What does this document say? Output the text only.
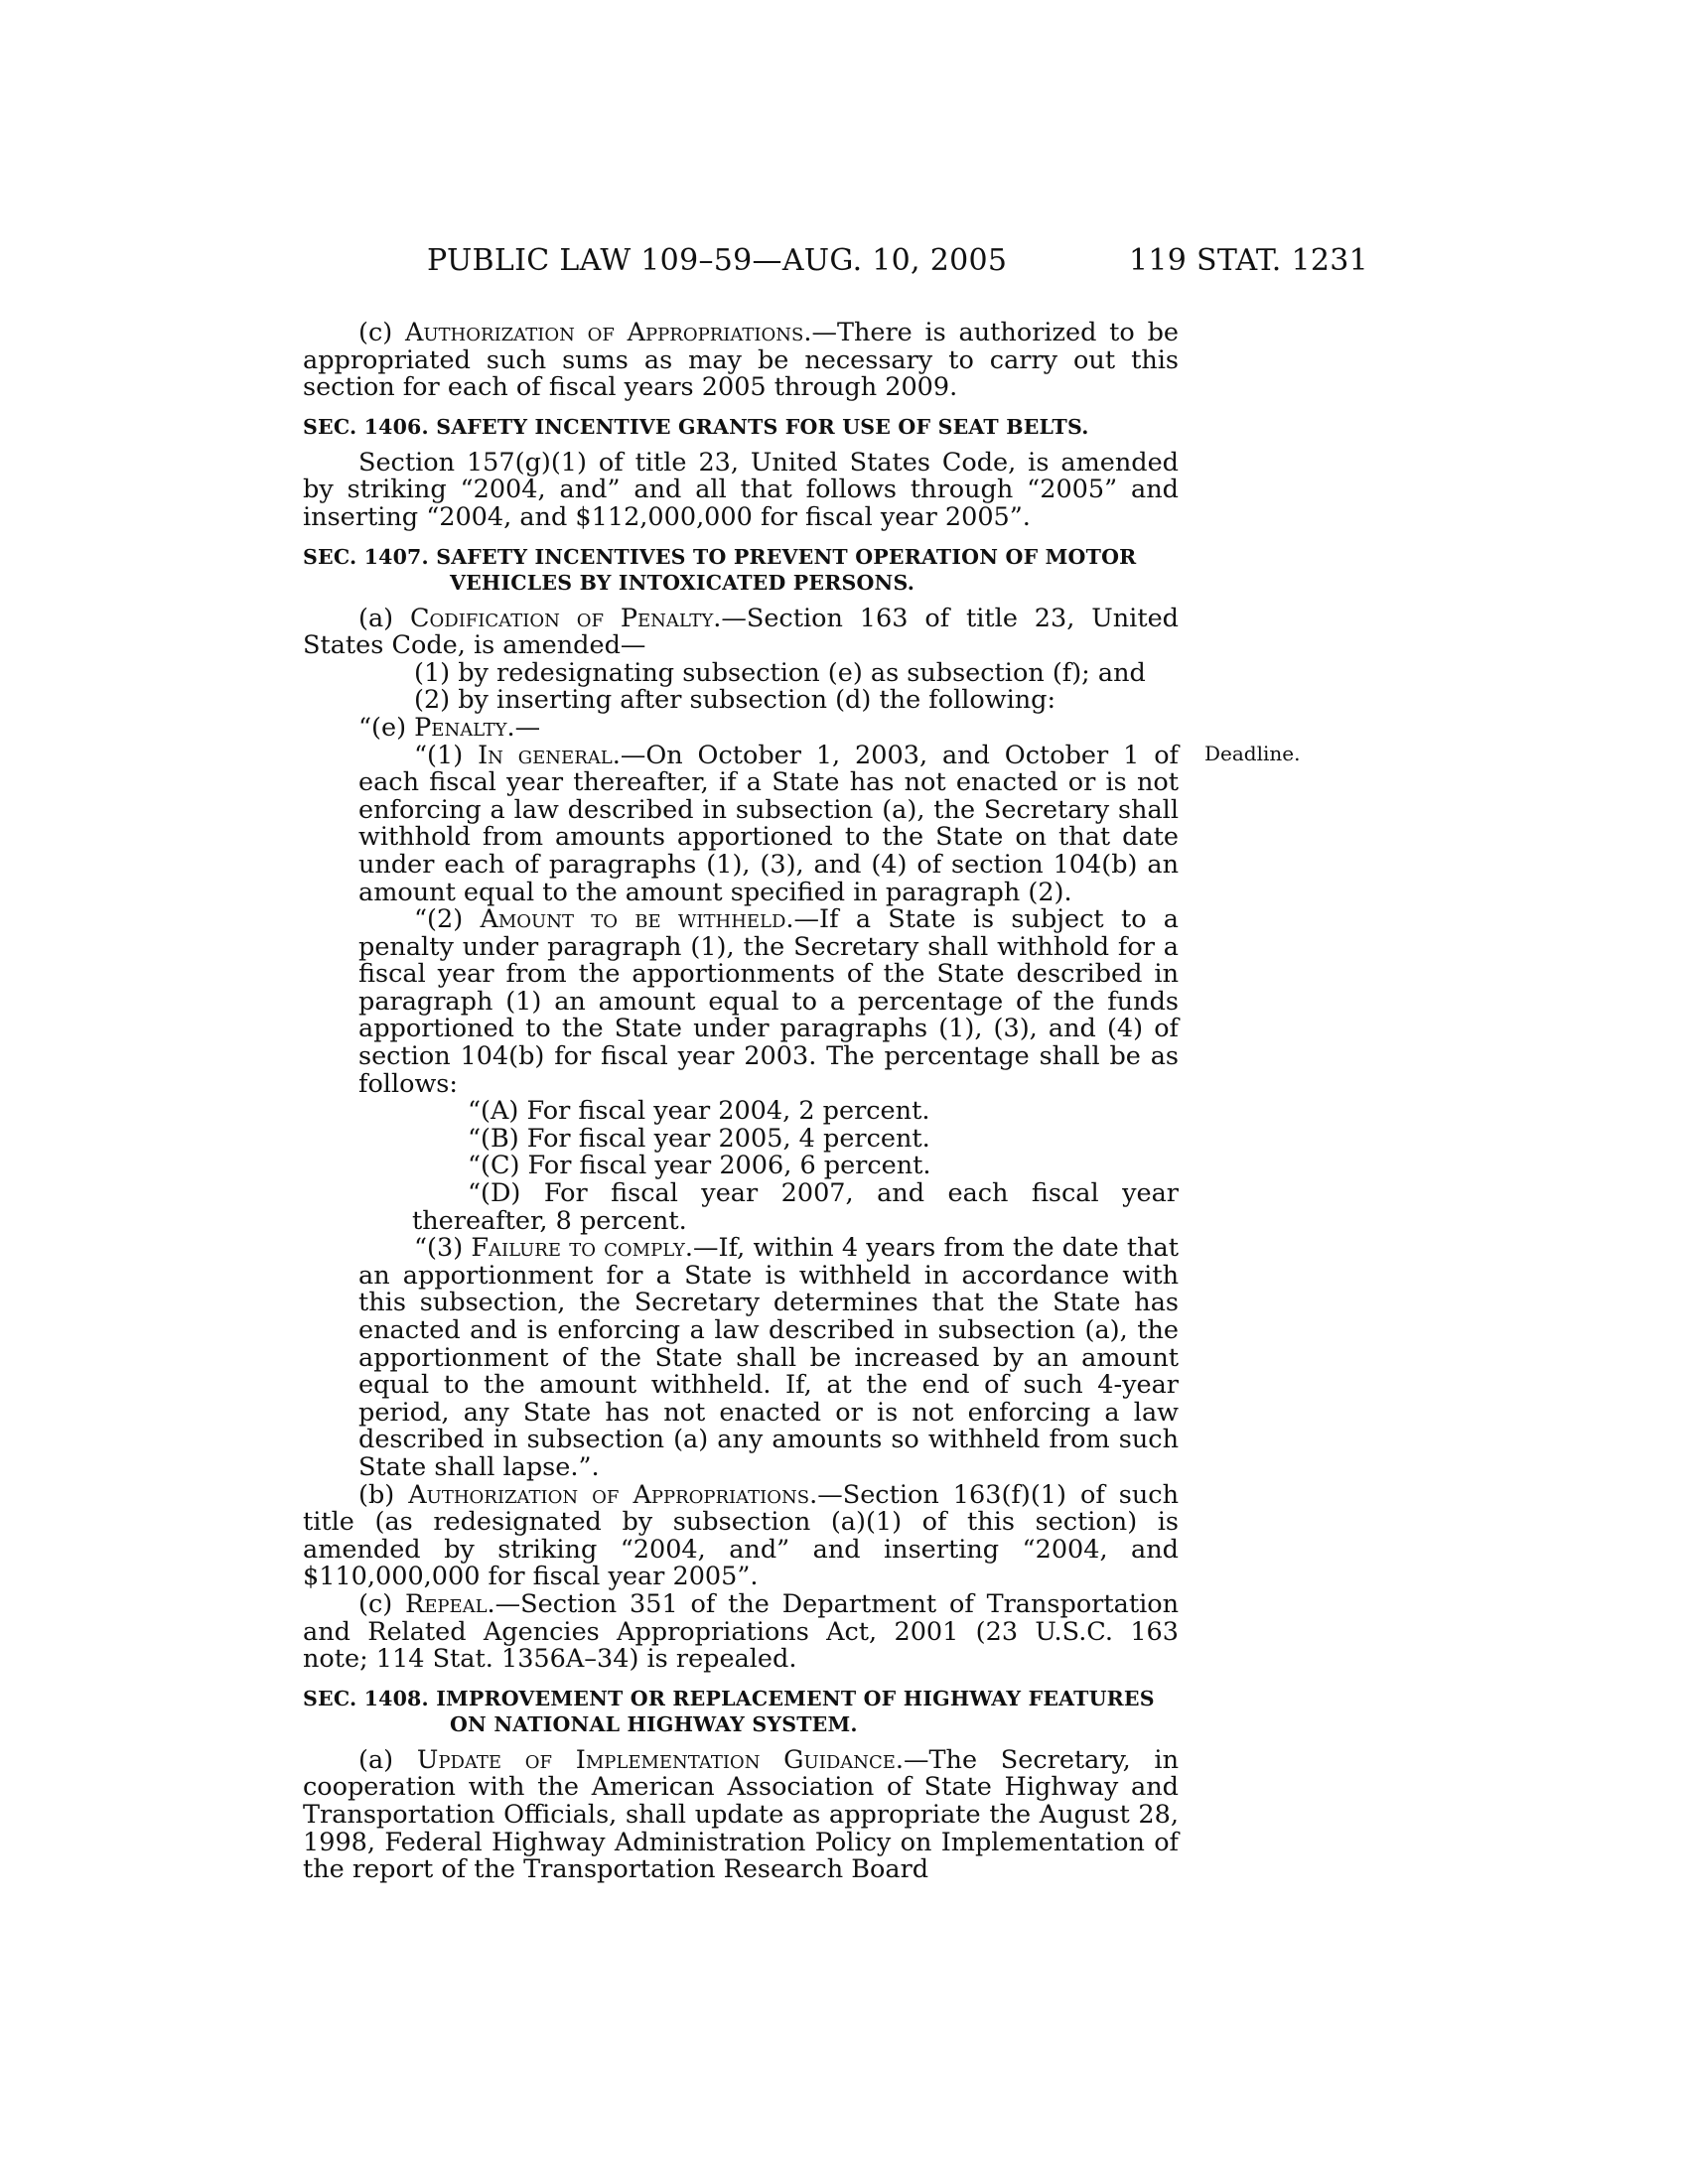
PUBLIC LAW 109–59—AUG. 10, 2005	119 STAT. 1231
Deadline.

(c) Authorization of Appropriations.—There is authorized to be appropriated such sums as may be necessary to carry out this section for each of fiscal years 2005 through 2009.

SEC. 1406. SAFETY INCENTIVE GRANTS FOR USE OF SEAT BELTS.

Section 157(g)(1) of title 23, United States Code, is amended by striking “2004, and” and all that follows through “2005” and inserting “2004, and $112,000,000 for fiscal year 2005”.

SEC. 1407. SAFETY INCENTIVES TO PREVENT OPERATION OF MOTOR
VEHICLES BY INTOXICATED PERSONS.

(a) Codification of Penalty.—Section 163 of title 23, United States Code, is amended—

(1) by redesignating subsection (e) as subsection (f); and

(2) by inserting after subsection (d) the following:

“(e) Penalty.—

“(1) In general.—On October 1, 2003, and October 1 of each fiscal year thereafter, if a State has not enacted or is not enforcing a law described in subsection (a), the Secretary shall withhold from amounts apportioned to the State on that date under each of paragraphs (1), (3), and (4) of section 104(b) an amount equal to the amount specified in paragraph (2).

“(2) Amount to be withheld.—If a State is subject to a penalty under paragraph (1), the Secretary shall withhold for a fiscal year from the apportionments of the State described in paragraph (1) an amount equal to a percentage of the funds apportioned to the State under paragraphs (1), (3), and (4) of section 104(b) for fiscal year 2003. The percentage shall be as follows:

“(A) For fiscal year 2004, 2 percent.

“(B) For fiscal year 2005, 4 percent.

“(C) For fiscal year 2006, 6 percent.

“(D) For fiscal year 2007, and each fiscal year thereafter, 8 percent.

“(3) Failure to comply.—If, within 4 years from the date that an apportionment for a State is withheld in accordance with this subsection, the Secretary determines that the State has enacted and is enforcing a law described in subsection (a), the apportionment of the State shall be increased by an amount equal to the amount withheld. If, at the end of such 4-year period, any State has not enacted or is not enforcing a law described in subsection (a) any amounts so withheld from such State shall lapse.”.

(b) Authorization of Appropriations.—Section 163(f)(1) of such title (as redesignated by subsection (a)(1) of this section) is amended by striking “2004, and” and inserting “2004, and $110,000,000 for fiscal year 2005”.

(c) Repeal.—Section 351 of the Department of Transportation and Related Agencies Appropriations Act, 2001 (23 U.S.C. 163 note; 114 Stat. 1356A–34) is repealed.

SEC. 1408. IMPROVEMENT OR REPLACEMENT OF HIGHWAY FEATURES
ON NATIONAL HIGHWAY SYSTEM.

(a) Update of Implementation Guidance.—The Secretary, in cooperation with the American Association of State Highway and Transportation Officials, shall update as appropriate the August 28, 1998, Federal Highway Administration Policy on Implementation of the report of the Transportation Research Board
